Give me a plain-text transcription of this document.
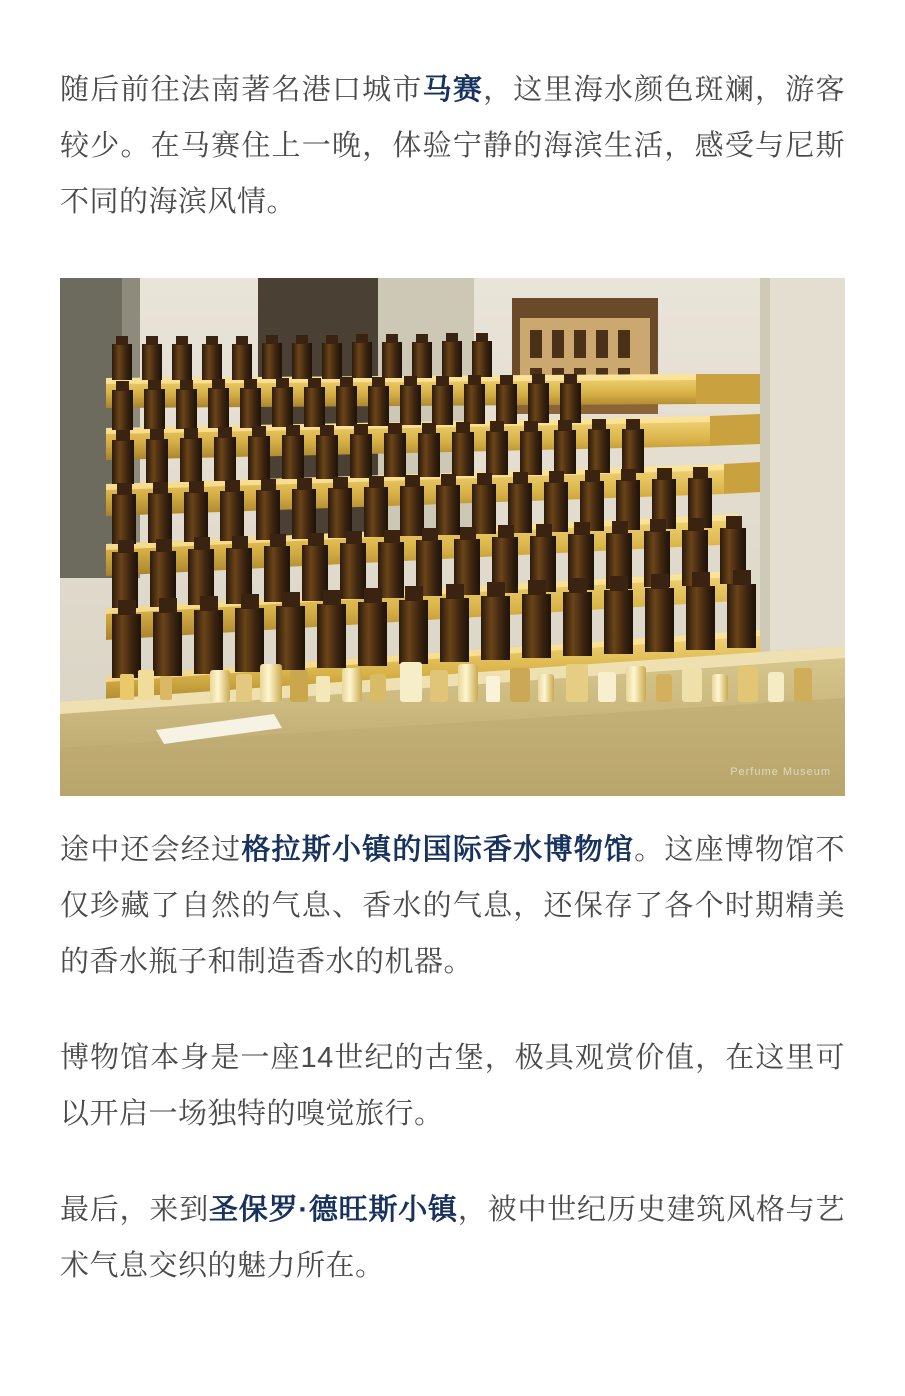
随后前往法南著名港口城市马赛，这里海水颜色斑斓，游客较少。在马赛住上一晚，体验宁静的海滨生活，感受与尼斯不同的海滨风情。

Perfume Museum

途中还会经过格拉斯小镇的国际香水博物馆。这座博物馆不仅珍藏了自然的气息、香水的气息，还保存了各个时期精美的香水瓶子和制造香水的机器。

博物馆本身是一座14世纪的古堡，极具观赏价值，在这里可以开启一场独特的嗅觉旅行。

最后，来到圣保罗·德旺斯小镇，被中世纪历史建筑风格与艺术气息交织的魅力所在。
